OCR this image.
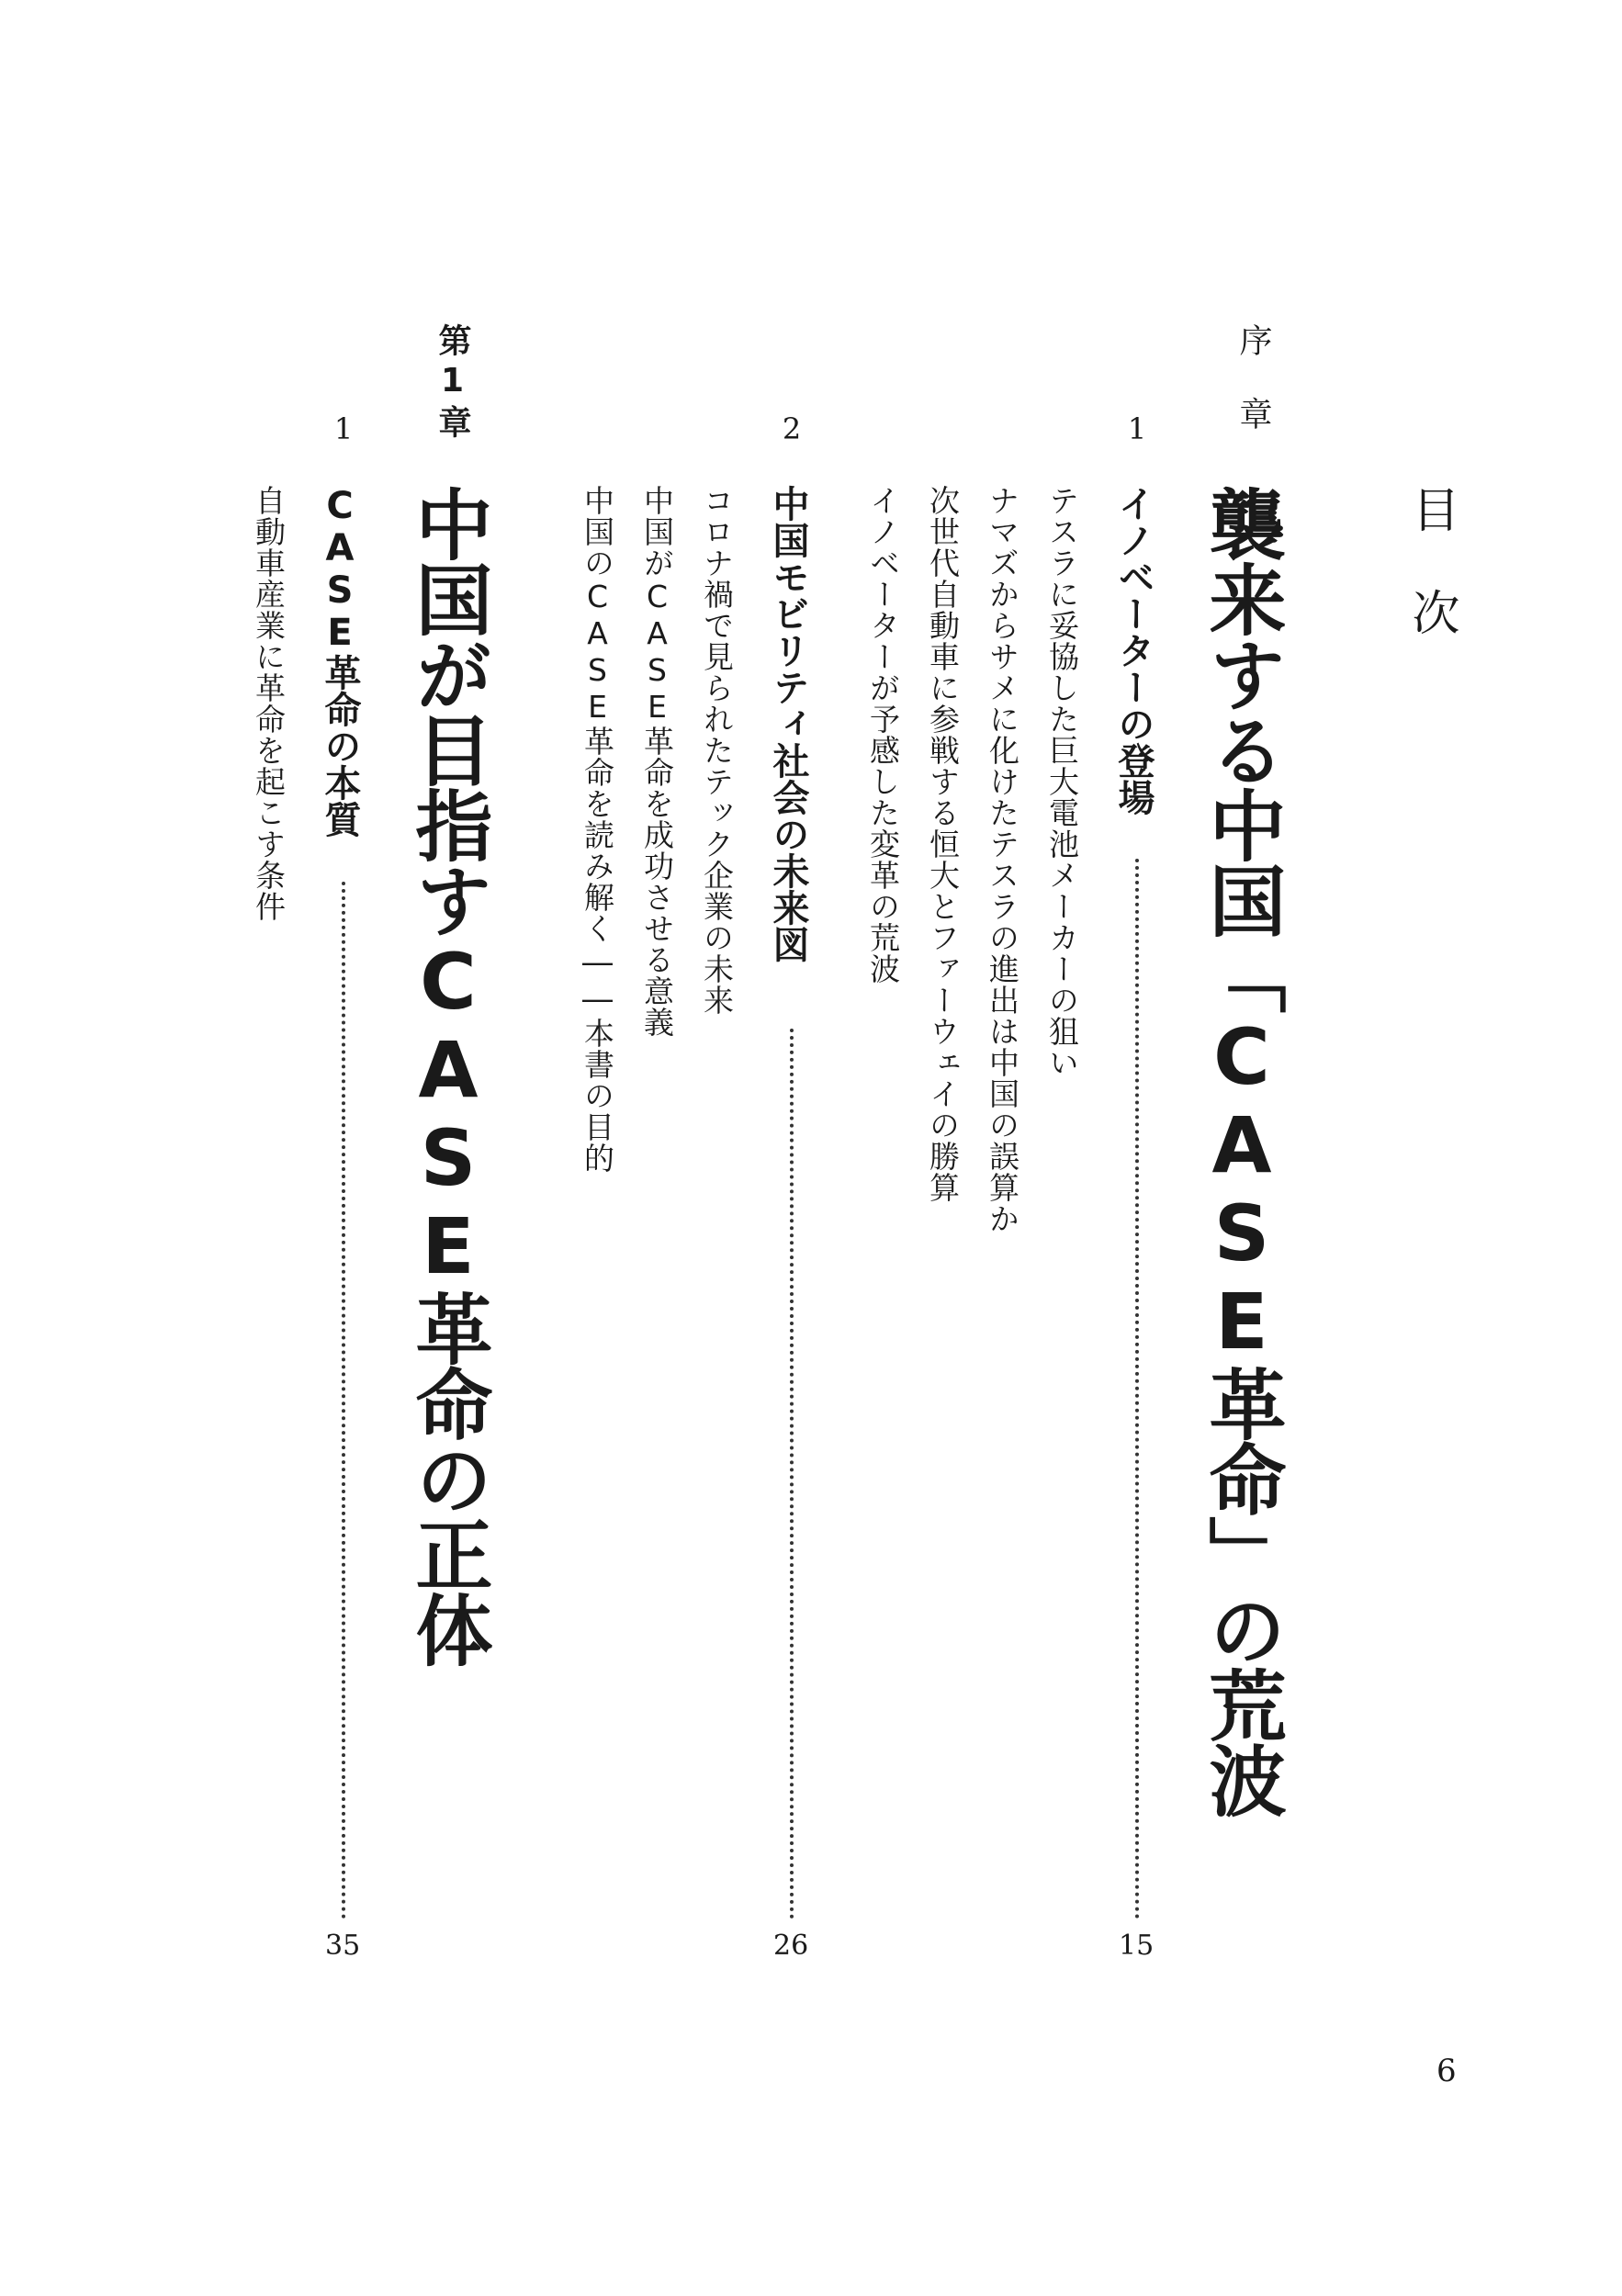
目次
序章
襲来する中国「CASE革命」の荒波
1
イノベーターの登場
15
テスラに妥協した巨大電池メーカーの狙い
ナマズからサメに化けたテスラの進出は中国の誤算か
次世代自動車に参戦する恒大とファーウェイの勝算
イノベーターが予感した変革の荒波
2
中国モビリティ社会の未来図
26
コロナ禍で見られたテック企業の未来
中国がCASE革命を成功させる意義
中国のCASE革命を読み解く――本書の目的
第1章
中国が目指すCASE革命の正体
1
CASE革命の本質
35
自動車産業に革命を起こす条件
6
